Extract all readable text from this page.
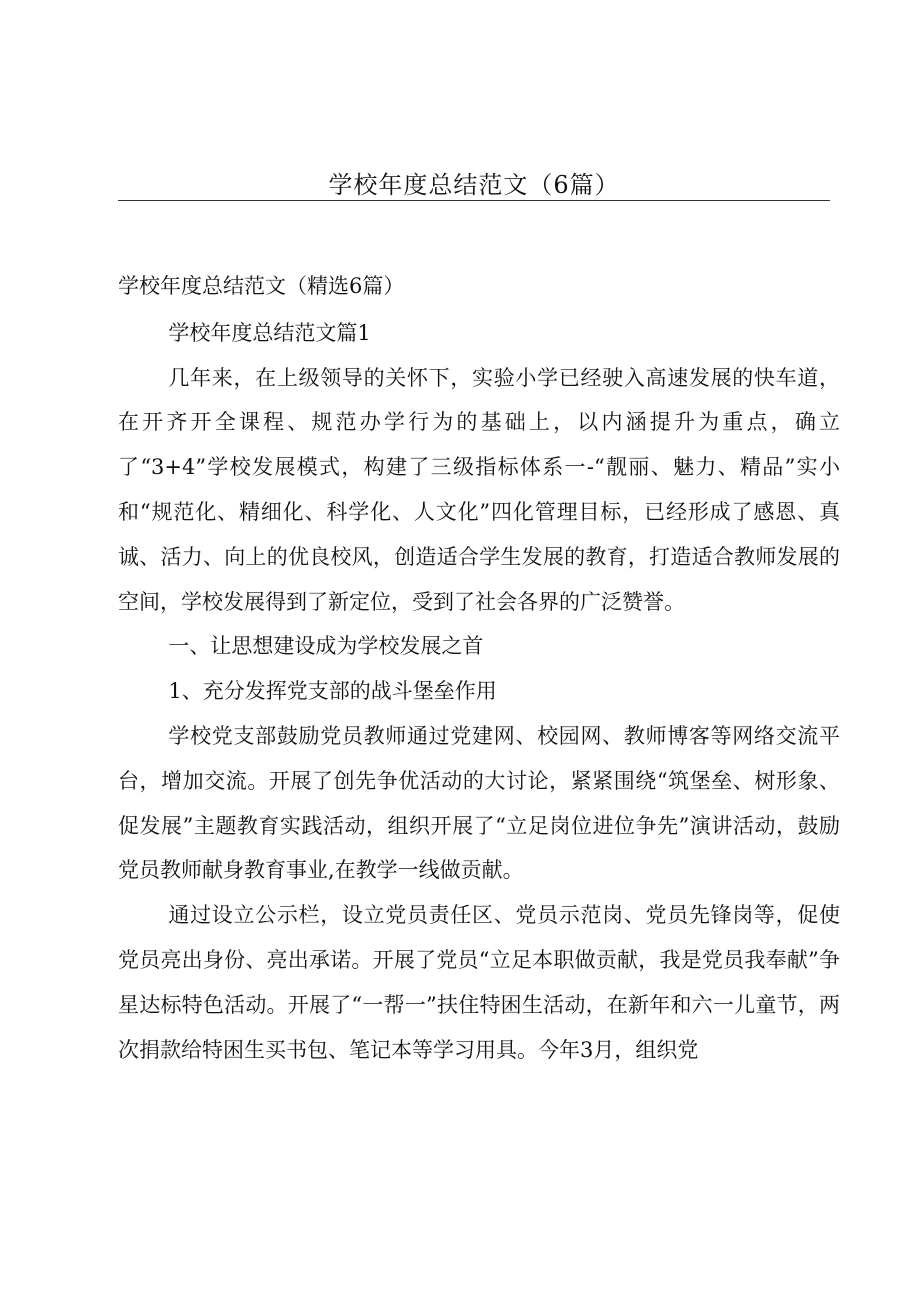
学校年度总结范文（6篇）

学校年度总结范文（精选6篇）

学校年度总结范文篇1

几年来，在上级领导的关怀下，实验小学已经驶入高速发展的快车道，在开齐开全课程、规范办学行为的基础上，以内涵提升为重点，确立了“3+4”学校发展模式，构建了三级指标体系一-“靓丽、魅力、精品”实小和“规范化、精细化、科学化、人文化”四化管理目标，已经形成了感恩、真诚、活力、向上的优良校风，创造适合学生发展的教育，打造适合教师发展的空间，学校发展得到了新定位，受到了社会各界的广泛赞誉。

一、让思想建设成为学校发展之首

1、充分发挥党支部的战斗堡垒作用

学校党支部鼓励党员教师通过党建网、校园网、教师博客等网络交流平台，增加交流。开展了创先争优活动的大讨论，紧紧围绕“筑堡垒、树形象、促发展”主题教育实践活动，组织开展了“立足岗位进位争先”演讲活动，鼓励党员教师献身教育事业,在教学一线做贡献。

通过设立公示栏，设立党员责任区、党员示范岗、党员先锋岗等，促使党员亮出身份、亮出承诺。开展了党员“立足本职做贡献，我是党员我奉献”争星达标特色活动。开展了“一帮一”扶住特困生活动，在新年和六一儿童节，两次捐款给特困生买书包、笔记本等学习用具。今年3月，组织党
